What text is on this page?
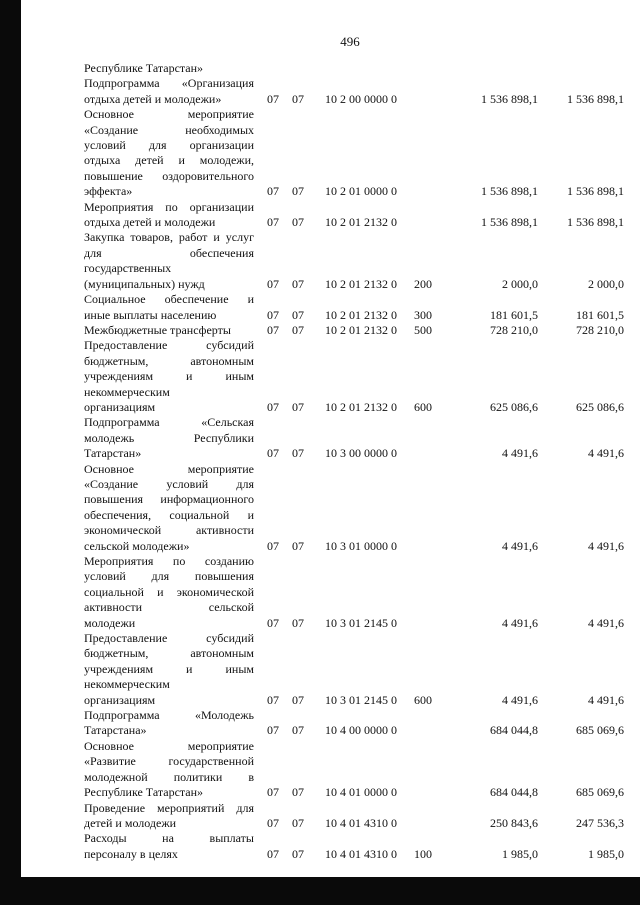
496
Республике Татарстан»
Подпрограмма «Организация
отдыха детей и молодежи»	07 07 10 2 00 0000 0	1 536 898,1 1 536 898,1
Основное мероприятие
«Создание необходимых
условий для организации
отдыха детей и молодежи,
повышение оздоровительного
эффекта»	07 07 10 2 01 0000 0	1 536 898,1 1 536 898,1
Мероприятия по организации
отдыха детей и молодежи	07 07 10 2 01 2132 0	1 536 898,1 1 536 898,1
Закупка товаров, работ и услуг
для обеспечения
государственных
(муниципальных) нужд	07 07 10 2 01 2132 0 200	2 000,0	2 000,0
Социальное обеспечение и
иные выплаты населению	07 07 10 2 01 2132 0 300	181 601,5	181 601,5
Межбюджетные трансферты	07 07 10 2 01 2132 0 500	728 210,0	728 210,0
Предоставление субсидий
бюджетным, автономным
учреждениям и иным
некоммерческим
организациям	07 07 10 2 01 2132 0 600	625 086,6	625 086,6
Подпрограмма «Сельская
молодежь Республики
Татарстан»	07 07 10 3 00 0000 0	4 491,6	4 491,6
Основное мероприятие
«Создание условий для
повышения информационного
обеспечения, социальной и
экономической активности
сельской молодежи»	07 07 10 3 01 0000 0	4 491,6	4 491,6
Мероприятия по созданию
условий для повышения
социальной и экономической
активности сельской
молодежи	07 07 10 3 01 2145 0	4 491,6	4 491,6
Предоставление субсидий
бюджетным, автономным
учреждениям и иным
некоммерческим
организациям	07 07 10 3 01 2145 0 600	4 491,6	4 491,6
Подпрограмма «Молодежь
Татарстана»	07 07 10 4 00 0000 0	684 044,8	685 069,6
Основное мероприятие
«Развитие государственной
молодежной политики в
Республике Татарстан»	07 07 10 4 01 0000 0	684 044,8	685 069,6
Проведение мероприятий для
детей и молодежи	07 07 10 4 01 4310 0	250 843,6	247 536,3
Расходы на выплаты
персоналу в целях	07 07 10 4 01 4310 0 100	1 985,0	1 985,0
